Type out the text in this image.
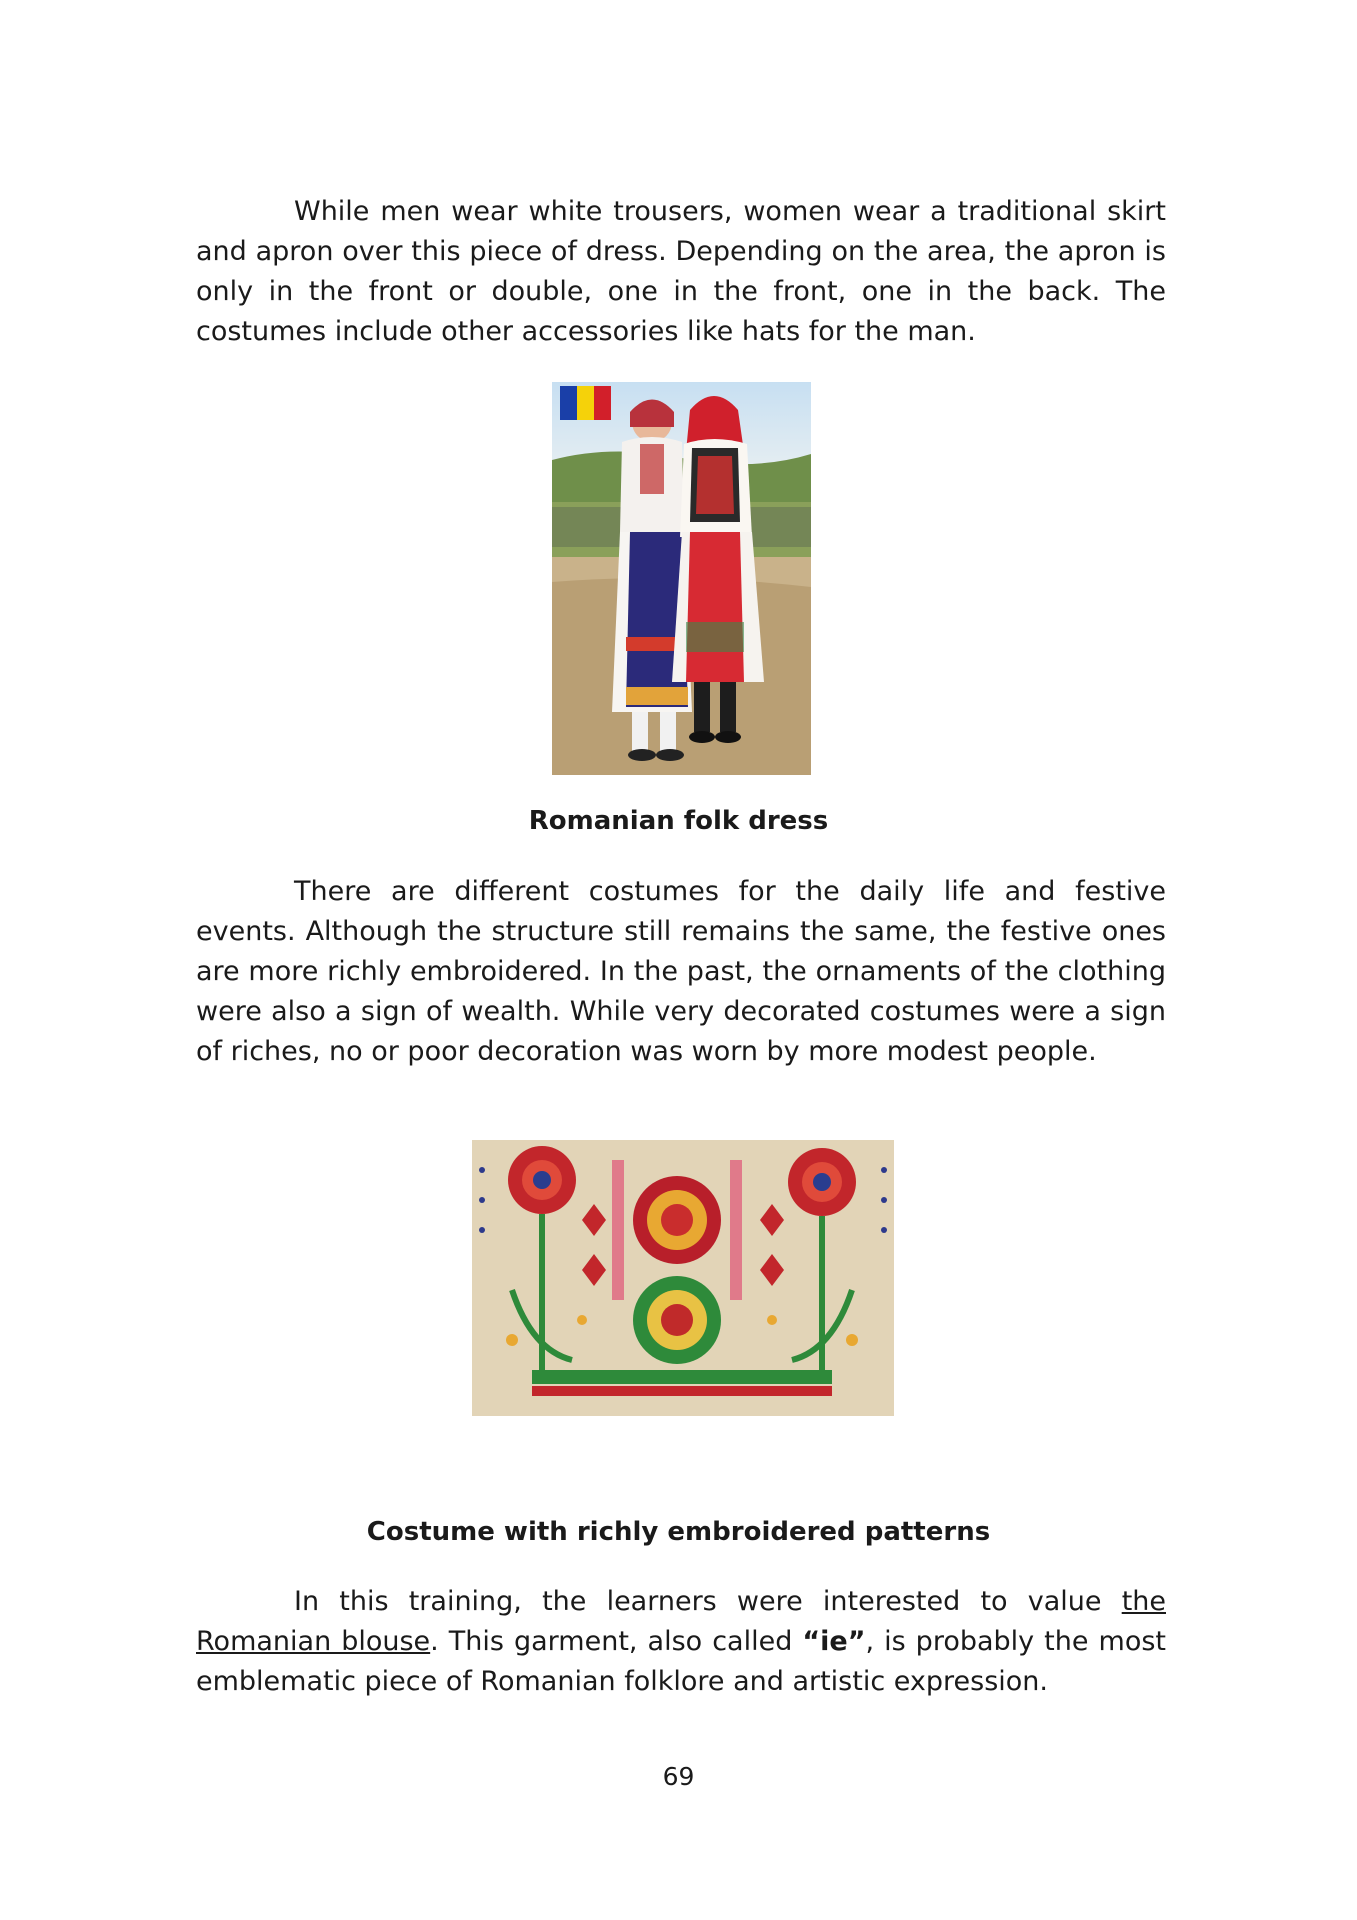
While men wear white trousers, women wear a traditional skirt and apron over this piece of dress. Depending on the area, the apron is only in the front or double, one in the front, one in the back. The costumes include other accessories like hats for the man.

Romanian folk dress

There are different costumes for the daily life and festive events. Although the structure still remains the same, the festive ones are more richly embroidered. In the past, the ornaments of the clothing were also a sign of wealth. While very decorated costumes were a sign of riches, no or poor decoration was worn by more modest people.

Costume with richly embroidered patterns

In this training, the learners were interested to value the Romanian blouse. This garment, also called “ie”, is probably the most emblematic piece of Romanian folklore and artistic expression.

69
